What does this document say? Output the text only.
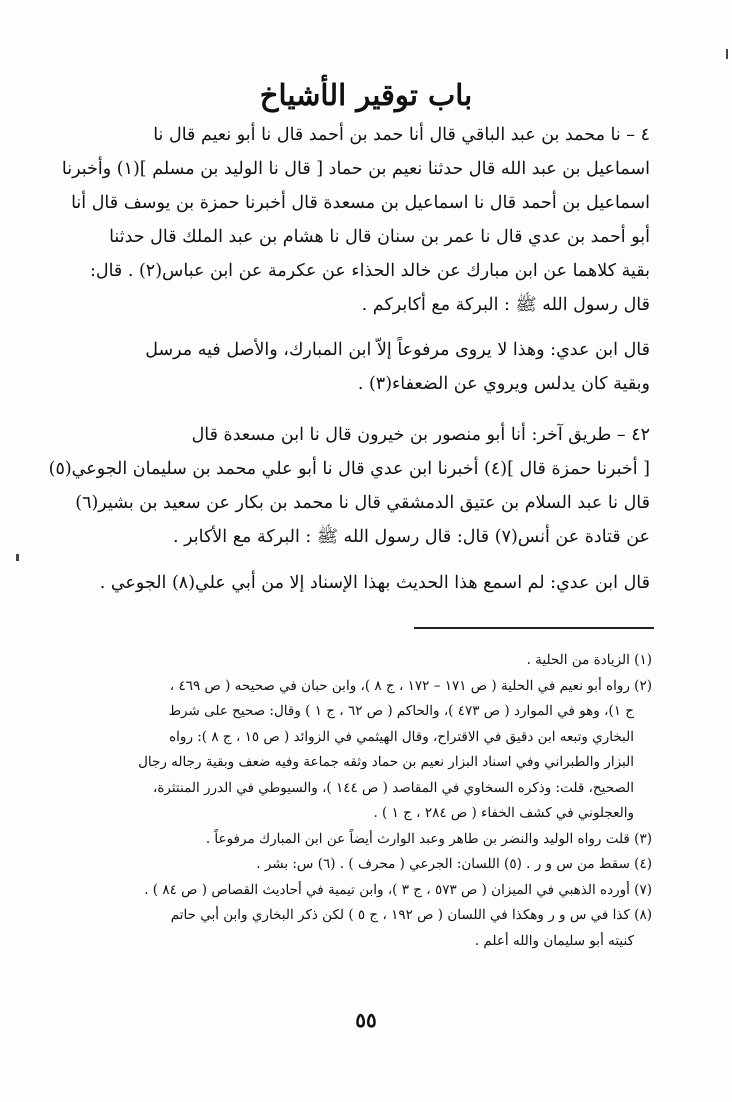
باب توقير الأشياخ
٤ – نا محمد بن عبد الباقي قال أنا حمد بن أحمد قال نا أبو نعيم قال نا
اسماعيل بن عبد الله قال حدثنا نعيم بن حماد [ قال نا الوليد بن مسلم ](١) وأخبرنا
اسماعيل بن أحمد قال نا اسماعيل بن مسعدة قال أخبرنا حمزة بن يوسف قال أنا
أبو أحمد بن عدي قال نا عمر بن سنان قال نا هشام بن عبد الملك قال حدثنا
بقية كلاهما عن ابن مبارك عن خالد الحذاء عن عكرمة عن ابن عباس(٢) . قال:
قال رسول الله ﷺ : البركة مع أكابركم .
قال ابن عدي: وهذا لا يروى مرفوعاً إلاّ ابن المبارك، والأصل فيه مرسل
وبقية كان يدلس ويروي عن الضعفاء(٣) .
٤٢ – طريق آخر: أنا أبو منصور بن خيرون قال نا ابن مسعدة قال
[ أخبرنا حمزة قال ](٤) أخبرنا ابن عدي قال نا أبو علي محمد بن سليمان الجوعي(٥)
قال نا عبد السلام بن عتيق الدمشقي قال نا محمد بن بكار عن سعيد بن بشير(٦)
عن قتادة عن أنس(٧) قال: قال رسول الله ﷺ : البركة مع الأكابر .
قال ابن عدي: لم اسمع هذا الحديث بهذا الإسناد إلا من أبي علي(٨) الجوعي .
(١) الزيادة من الحلية .
(٢) رواه أبو نعيم في الحلية ( ص ١٧١ – ١٧٢ ، ج ٨ )، وابن حبان في صحيحه ( ص ٤٦٩ ،
ج ١)، وهو في الموارد ( ص ٤٧٣ )، والحاكم ( ص ٦٢ ، ج ١ ) وقال: صحيح على شرط
البخاري وتبعه ابن دقيق في الاقتراح، وقال الهيثمي في الزوائد ( ص ١٥ ، ج ٨ ): رواه
البزار والطبراني وفي اسناد البزار نعيم بن حماد وثقه جماعة وفيه ضعف وبقية رجاله رجال
الصحيح، قلت: وذكره السخاوي في المقاصد ( ص ١٤٤ )، والسيوطي في الدرر المنتثرة،
والعجلوني في كشف الخفاء ( ص ٢٨٤ ، ج ١ ) .
(٣) قلت رواه الوليد والنضر بن طاهر وعبد الوارث أيضاً عن ابن المبارك مرفوعاً .
(٤) سقط من س و ر . (٥) اللسان: الجرعي ( محرف ) . (٦) س: بشر .
(٧) أورده الذهبي في الميزان ( ص ٥٧٣ ، ج ٣ )، وابن تيمية في أحاديث القصاص ( ص ٨٤ ) .
(٨) كذا في س و ر وهكذا في اللسان ( ص ١٩٢ ، ج ٥ ) لكن ذكر البخاري وابن أبي حاتم
كنيته أبو سليمان والله أعلم .
٥٥
